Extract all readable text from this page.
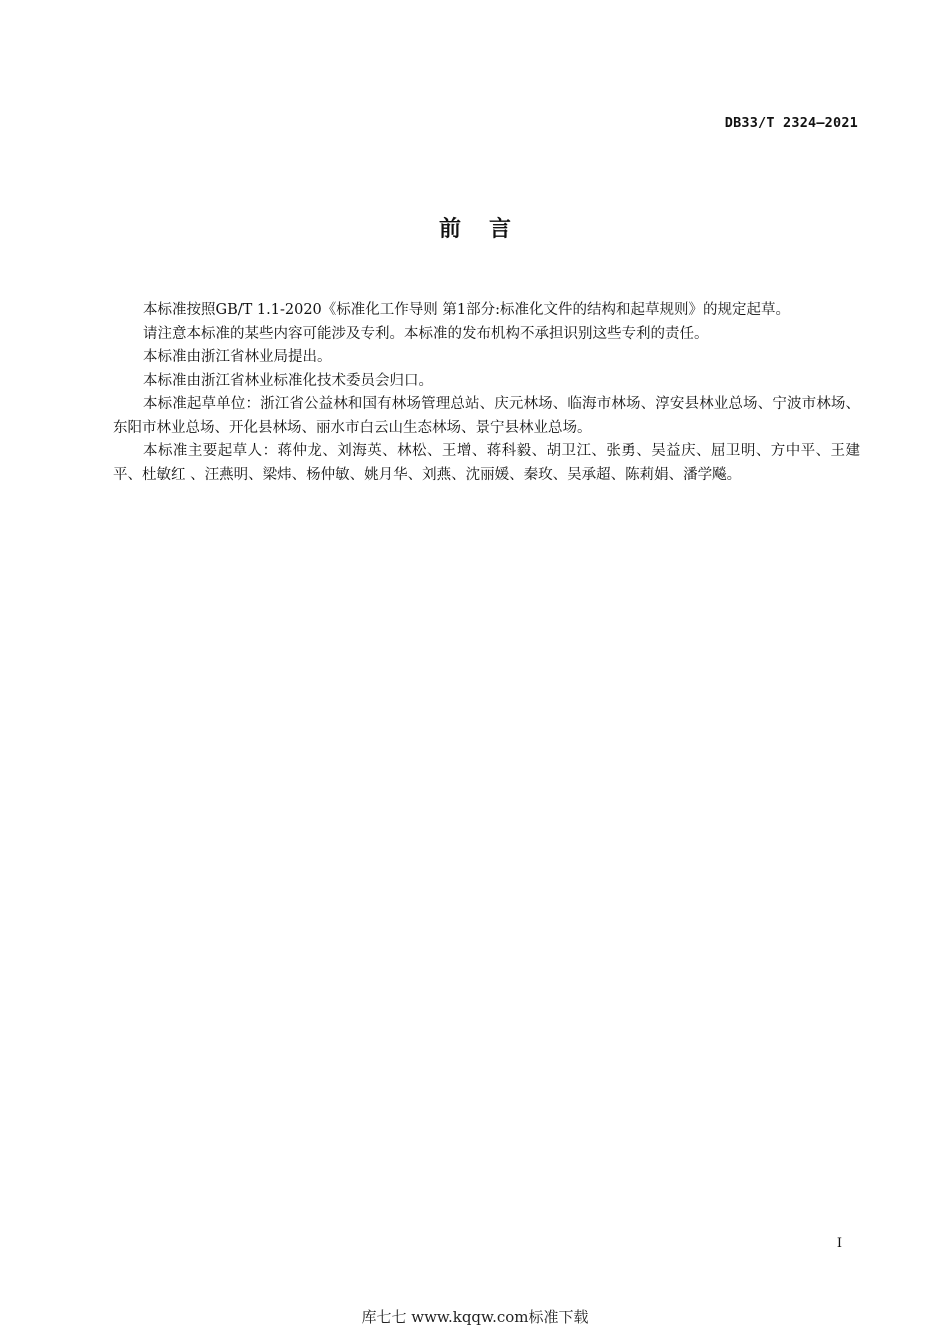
DB33/T 2324—2021
前言

本标准按照GB/T 1.1-2020《标准化工作导则 第1部分:标准化文件的结构和起草规则》的规定起草。

请注意本标准的某些内容可能涉及专利。本标准的发布机构不承担识别这些专利的责任。

本标准由浙江省林业局提出。

本标准由浙江省林业标准化技术委员会归口。

本标准起草单位：浙江省公益林和国有林场管理总站、庆元林场、临海市林场、淳安县林业总场、宁波市林场、东阳市林业总场、开化县林场、丽水市白云山生态林场、景宁县林业总场。

本标准主要起草人：蒋仲龙、刘海英、林松、王增、蒋科毅、胡卫江、张勇、吴益庆、屈卫明、方中平、王建平、杜敏红 、汪燕明、梁炜、杨仲敏、姚月华、刘燕、沈丽媛、秦玫、吴承超、陈莉娟、潘学飚。

I
库七七 www.kqqw.com标准下载
